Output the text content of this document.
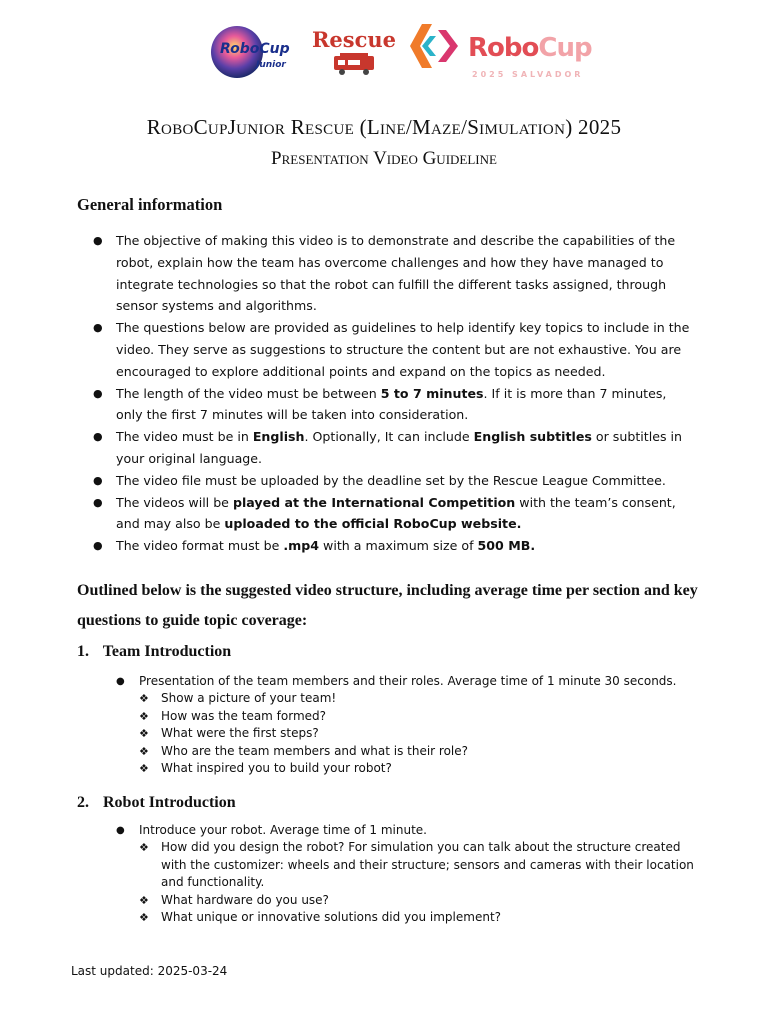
RoboCup
Junior
Rescue	RoboCup
2025 SALVADOR
RoboCupJunior Rescue (Line/Maze/Simulation) 2025
Presentation Video Guideline
General information
● The objective of making this video is to demonstrate and describe the capabilities of the robot, explain how the team has overcome challenges and how they have managed to integrate technologies so that the robot can fulfill the different tasks assigned, through sensor systems and algorithms.
● The questions below are provided as guidelines to help identify key topics to include in the video. They serve as suggestions to structure the content but are not exhaustive. You are encouraged to explore additional points and expand on the topics as needed.
● The length of the video must be between 5 to 7 minutes. If it is more than 7 minutes, only the first 7 minutes will be taken into consideration.
● The video must be in English. Optionally, It can include English subtitles or subtitles in your original language.
● The video file must be uploaded by the deadline set by the Rescue League Committee.
● The videos will be played at the International Competition with the team’s consent, and may also be uploaded to the official RoboCup website.
● The video format must be .mp4 with a maximum size of 500 MB.
Outlined below is the suggested video structure, including average time per section and key questions to guide topic coverage:
1. Team Introduction
● Presentation of the team members and their roles. Average time of 1 minute 30 seconds.
❖ Show a picture of your team!
❖ How was the team formed?
❖ What were the first steps?
❖ Who are the team members and what is their role?
❖ What inspired you to build your robot?
2. Robot Introduction
● Introduce your robot. Average time of 1 minute.
❖ How did you design the robot? For simulation you can talk about the structure created with the customizer: wheels and their structure; sensors and cameras with their location and functionality.
❖ What hardware do you use?
❖ What unique or innovative solutions did you implement?
Last updated: 2025-03-24
